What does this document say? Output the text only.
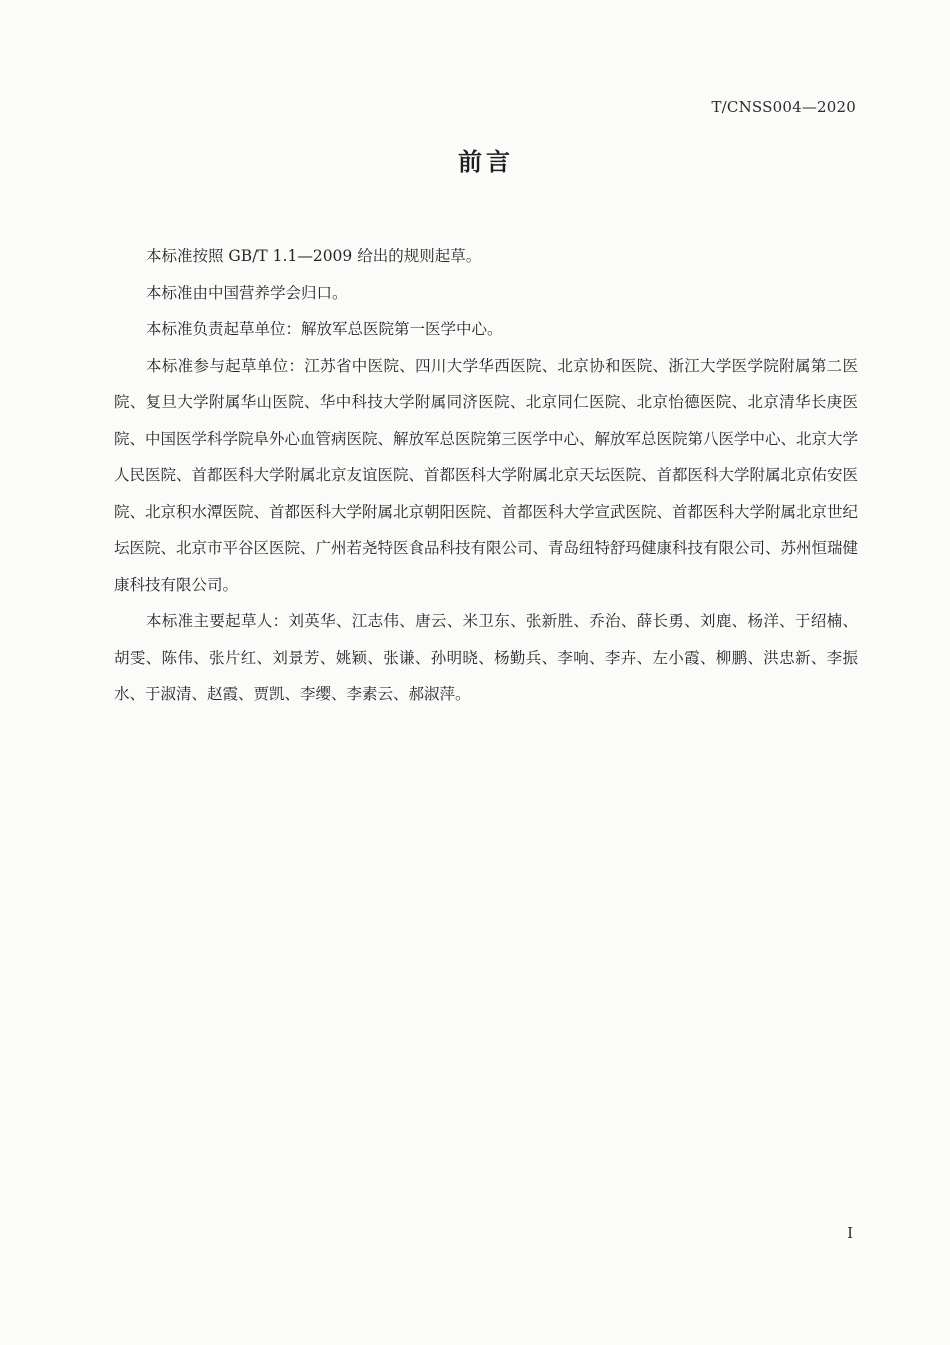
T/CNSS004—2020
前言

本标准按照 GB/T 1.1—2009 给出的规则起草。

本标准由中国营养学会归口。

本标准负责起草单位：解放军总医院第一医学中心。

本标准参与起草单位：江苏省中医院、四川大学华西医院、北京协和医院、浙江大学医学院附属第二医院、复旦大学附属华山医院、华中科技大学附属同济医院、北京同仁医院、北京怡德医院、北京清华长庚医院、中国医学科学院阜外心血管病医院、解放军总医院第三医学中心、解放军总医院第八医学中心、北京大学人民医院、首都医科大学附属北京友谊医院、首都医科大学附属北京天坛医院、首都医科大学附属北京佑安医院、北京积水潭医院、首都医科大学附属北京朝阳医院、首都医科大学宣武医院、首都医科大学附属北京世纪坛医院、北京市平谷区医院、广州若尧特医食品科技有限公司、青岛纽特舒玛健康科技有限公司、苏州恒瑞健康科技有限公司。

本标准主要起草人：刘英华、江志伟、唐云、米卫东、张新胜、乔治、薛长勇、刘鹿、杨洋、于绍楠、胡雯、陈伟、张片红、刘景芳、姚颖、张谦、孙明晓、杨勤兵、李响、李卉、左小霞、柳鹏、洪忠新、李振水、于淑清、赵霞、贾凯、李缨、李素云、郝淑萍。

I
